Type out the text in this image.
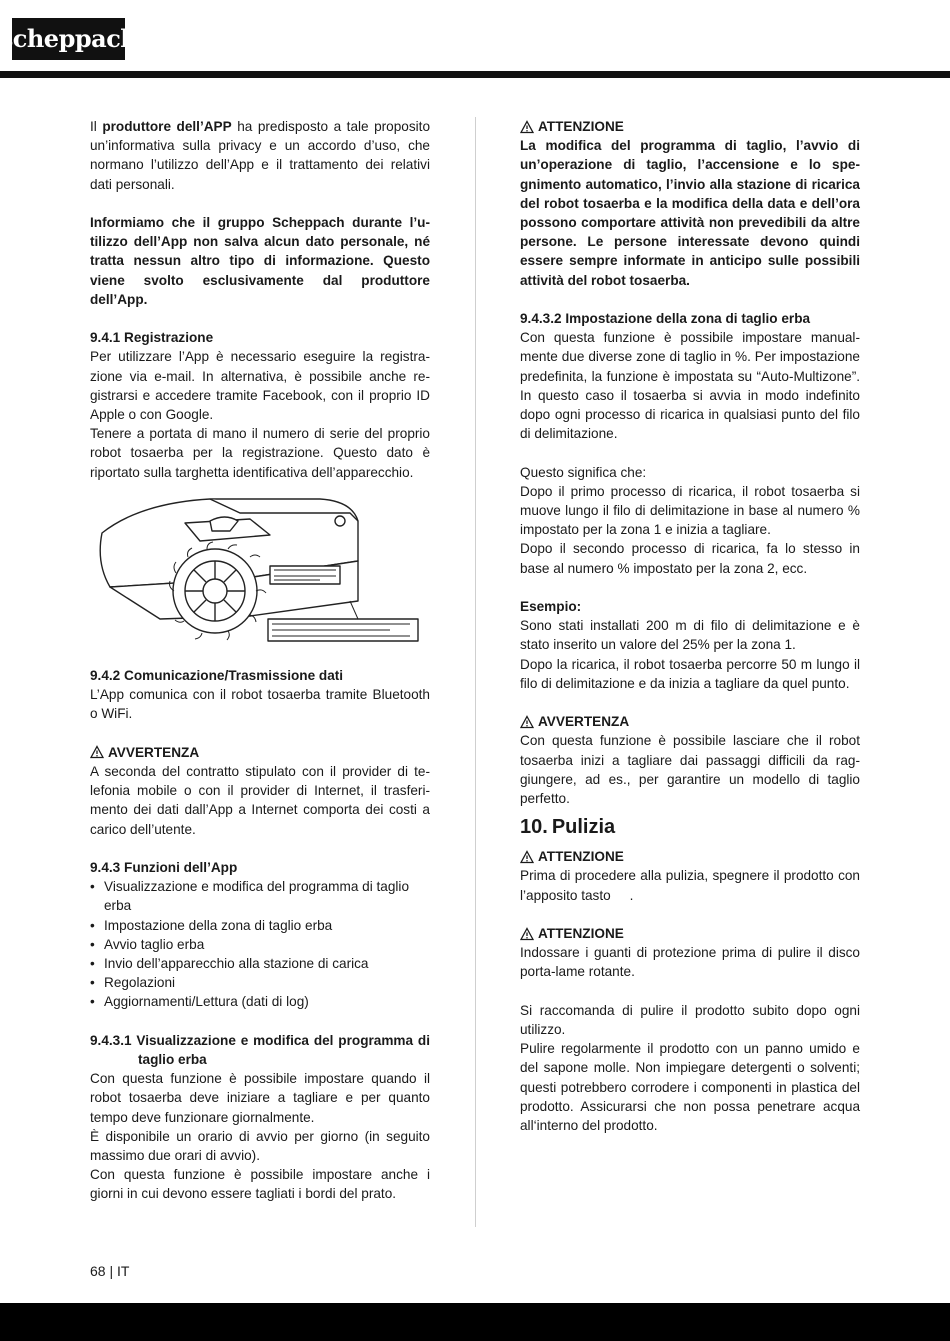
scheppach

Il produttore dell’APP ha predisposto a tale proposito un’informativa sulla privacy e un accordo d’uso, che normano l’utilizzo dell’App e il trattamento dei relativi dati personali.

Informiamo che il gruppo Scheppach durante l’utilizzo dell’App non salva alcun dato personale, né tratta nessun altro tipo di informazione. Questo viene svolto esclusivamente dal produttore dell’App.

9.4.1 Registrazione

Per utilizzare l’App è necessario eseguire la registrazione via e-mail. In alternativa, è possibile anche registrarsi e accedere tramite Facebook, con il proprio ID Apple o con Google.

Tenere a portata di mano il numero di serie del proprio robot tosaerba per la registrazione. Questo dato è riportato sulla targhetta identificativa dell’apparecchio.

9.4.2 Comunicazione/Trasmissione dati

L’App comunica con il robot tosaerba tramite Bluetooth o WiFi.

AVVERTENZA

A seconda del contratto stipulato con il provider di telefonia mobile o con il provider di Internet, il trasferimento dei dati dall’App a Internet comporta dei costi a carico dell’utente.

9.4.3 Funzioni dell’App
• Visualizzazione e modifica del programma di taglio erba
• Impostazione della zona di taglio erba
• Avvio taglio erba
• Invio dell’apparecchio alla stazione di carica
• Regolazioni
• Aggiornamenti/Lettura (dati di log)
9.4.3.1 Visualizzazione e modifica del programma di taglio erba

Con questa funzione è possibile impostare quando il robot tosaerba deve iniziare a tagliare e per quanto tempo deve funzionare giornalmente.

È disponibile un orario di avvio per giorno (in seguito massimo due orari di avvio).

Con questa funzione è possibile impostare anche i giorni in cui devono essere tagliati i bordi del prato.

ATTENZIONE

La modifica del programma di taglio, l’avvio di un’operazione di taglio, l’accensione e lo spegnimento automatico, l’invio alla stazione di ricarica del robot tosaerba e la modifica della data e dell’ora possono comportare attività non prevedibili da altre persone. Le persone interessate devono quindi essere sempre informate in anticipo sulle possibili attività del robot tosaerba.

9.4.3.2 Impostazione della zona di taglio erba

Con questa funzione è possibile impostare manualmente due diverse zone di taglio in %. Per impostazione predefinita, la funzione è impostata su “Auto-Multizone”. In questo caso il tosaerba si avvia in modo indefinito dopo ogni processo di ricarica in qualsiasi punto del filo di delimitazione.

Questo significa che:

Dopo il primo processo di ricarica, il robot tosaerba si muove lungo il filo di delimitazione in base al numero % impostato per la zona 1 e inizia a tagliare.

Dopo il secondo processo di ricarica, fa lo stesso in base al numero % impostato per la zona 2, ecc.

Esempio:

Sono stati installati 200 m di filo di delimitazione e è stato inserito un valore del 25% per la zona 1.

Dopo la ricarica, il robot tosaerba percorre 50 m lungo il filo di delimitazione e da inizia a tagliare da quel punto.

AVVERTENZA

Con questa funzione è possibile lasciare che il robot tosaerba inizi a tagliare dai passaggi difficili da raggiungere, ad es., per garantire un modello di taglio perfetto.

10. Pulizia
ATTENZIONE

Prima di procedere alla pulizia, spegnere il prodotto con l’apposito tasto     .

ATTENZIONE

Indossare i guanti di protezione prima di pulire il disco porta-lame rotante.

Si raccomanda di pulire il prodotto subito dopo ogni utilizzo.

Pulire regolarmente il prodotto con un panno umido e del sapone molle. Non impiegare detergenti o solventi; questi potrebbero corrodere i componenti in plastica del prodotto. Assicurarsi che non possa penetrare acqua all‘interno del prodotto.

68 | IT
